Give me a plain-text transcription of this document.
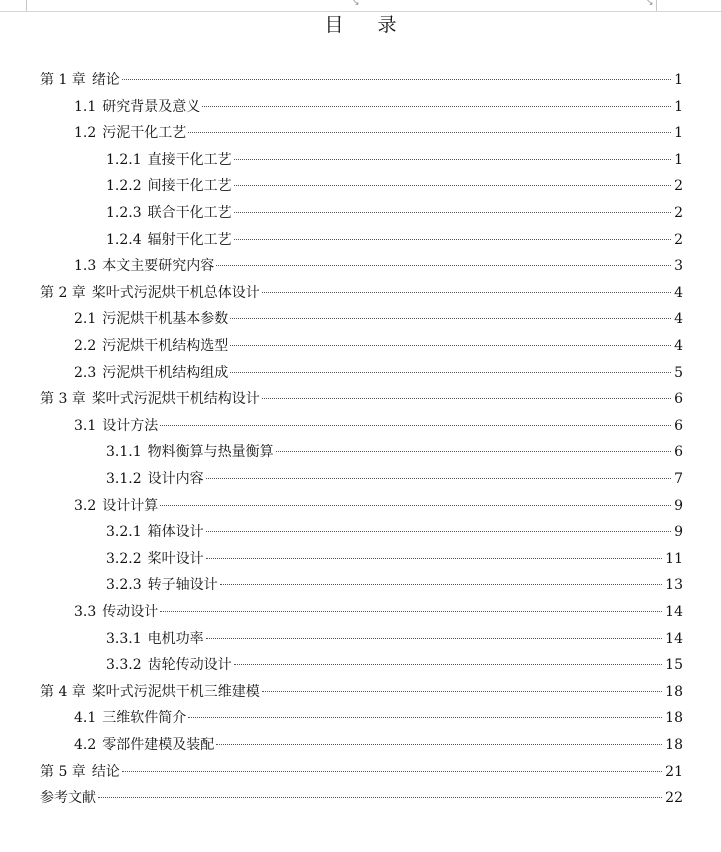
↘	↘
目 录
第 1 章 绪论	1
1.1 研究背景及意义	1
1.2 污泥干化工艺	1
1.2.1 直接干化工艺	1
1.2.2 间接干化工艺	2
1.2.3 联合干化工艺	2
1.2.4 辐射干化工艺	2
1.3 本文主要研究内容	3
第 2 章 桨叶式污泥烘干机总体设计	4
2.1 污泥烘干机基本参数	4
2.2 污泥烘干机结构选型	4
2.3 污泥烘干机结构组成	5
第 3 章 桨叶式污泥烘干机结构设计	6
3.1 设计方法	6
3.1.1 物料衡算与热量衡算	6
3.1.2 设计内容	7
3.2 设计计算	9
3.2.1 箱体设计	9
3.2.2 桨叶设计	11
3.2.3 转子轴设计	13
3.3 传动设计	14
3.3.1 电机功率	14
3.3.2 齿轮传动设计	15
第 4 章 桨叶式污泥烘干机三维建模	18
4.1 三维软件简介	18
4.2 零部件建模及装配	18
第 5 章 结论	21
参考文献	22
